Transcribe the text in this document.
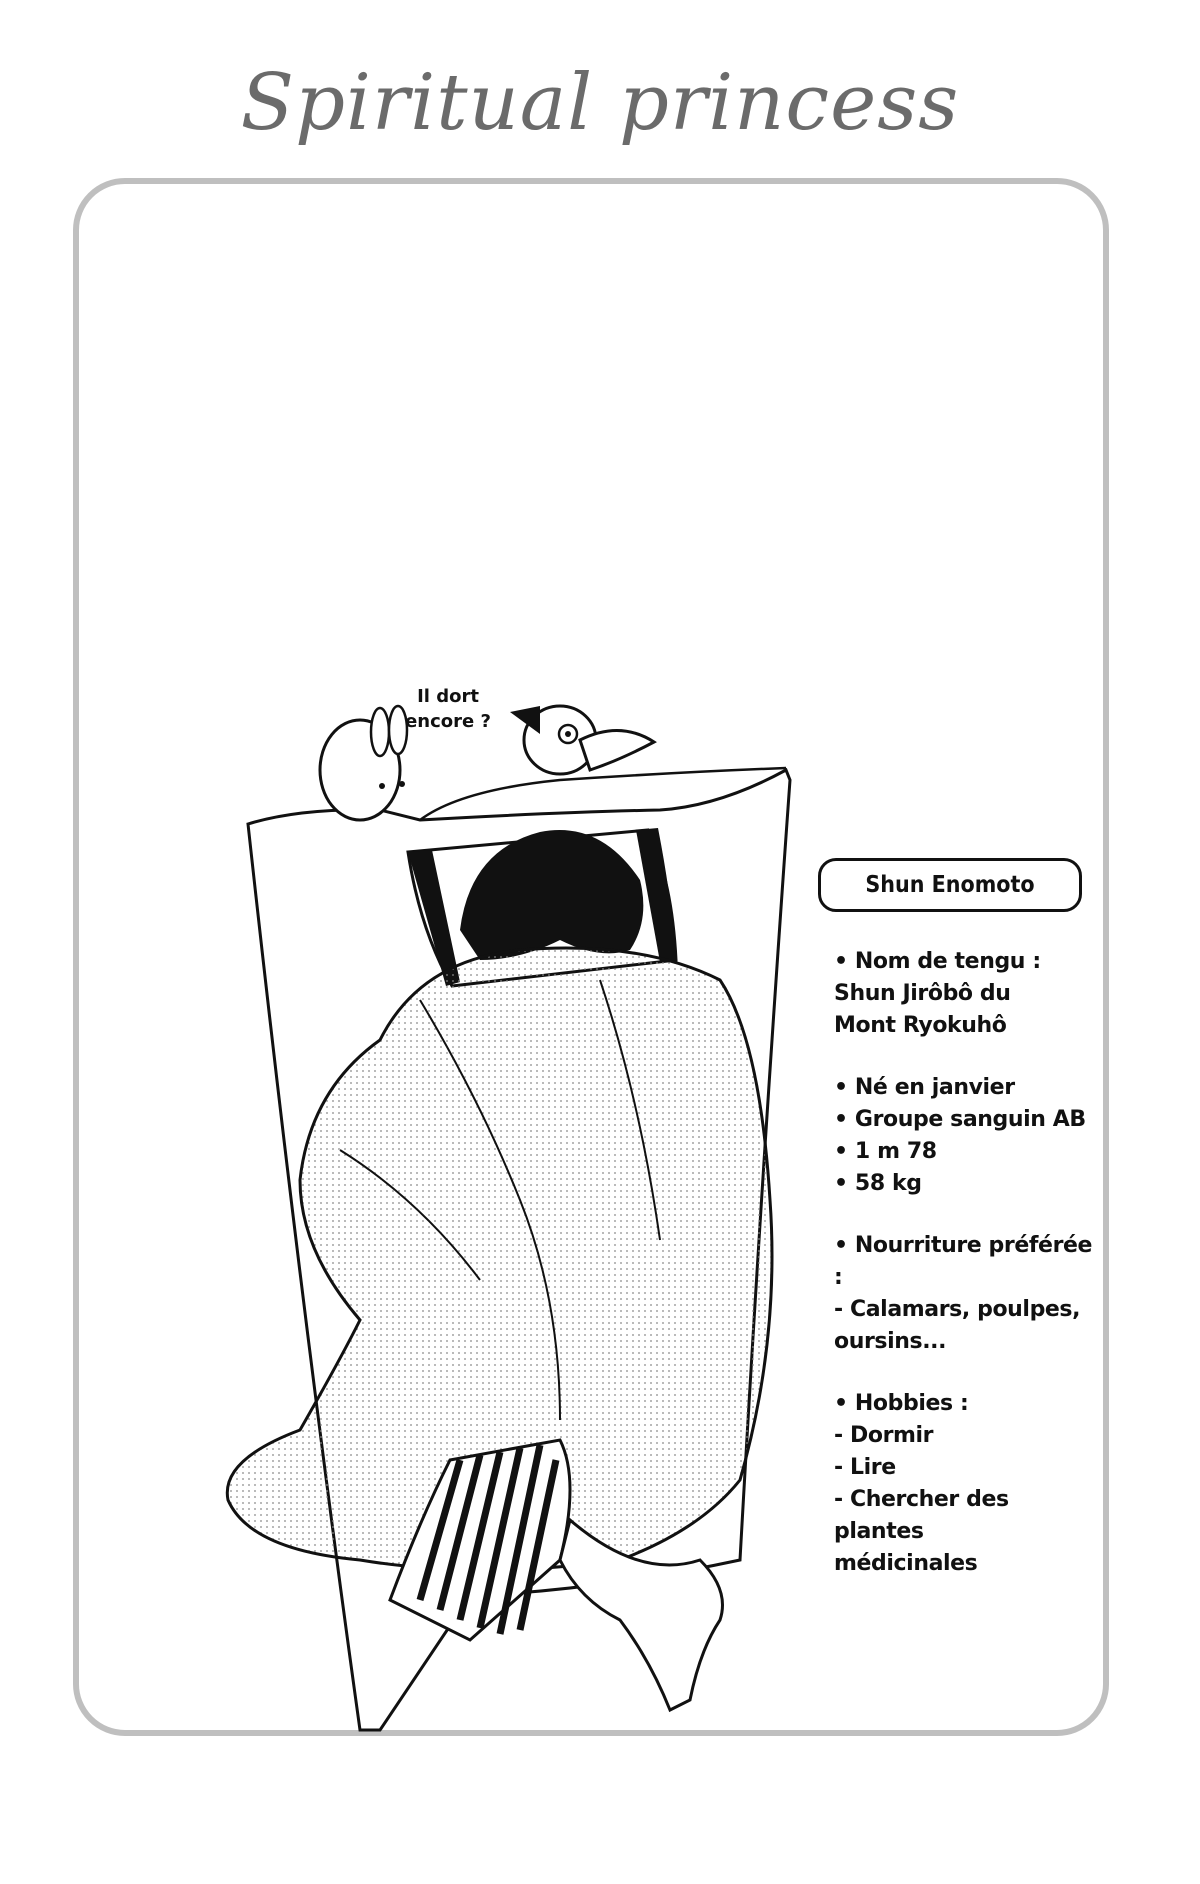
Spiritual princess
Il dort encore ?
Shun Enomoto
• Nom de tengu :
Shun Jirôbô du
Mont Ryokuhô
• Né en janvier
• Groupe sanguin AB
• 1 m 78
• 58 kg
• Nourriture préférée :
- Calamars, poulpes,
oursins...
• Hobbies :
- Dormir
- Lire
- Chercher des plantes
médicinales
